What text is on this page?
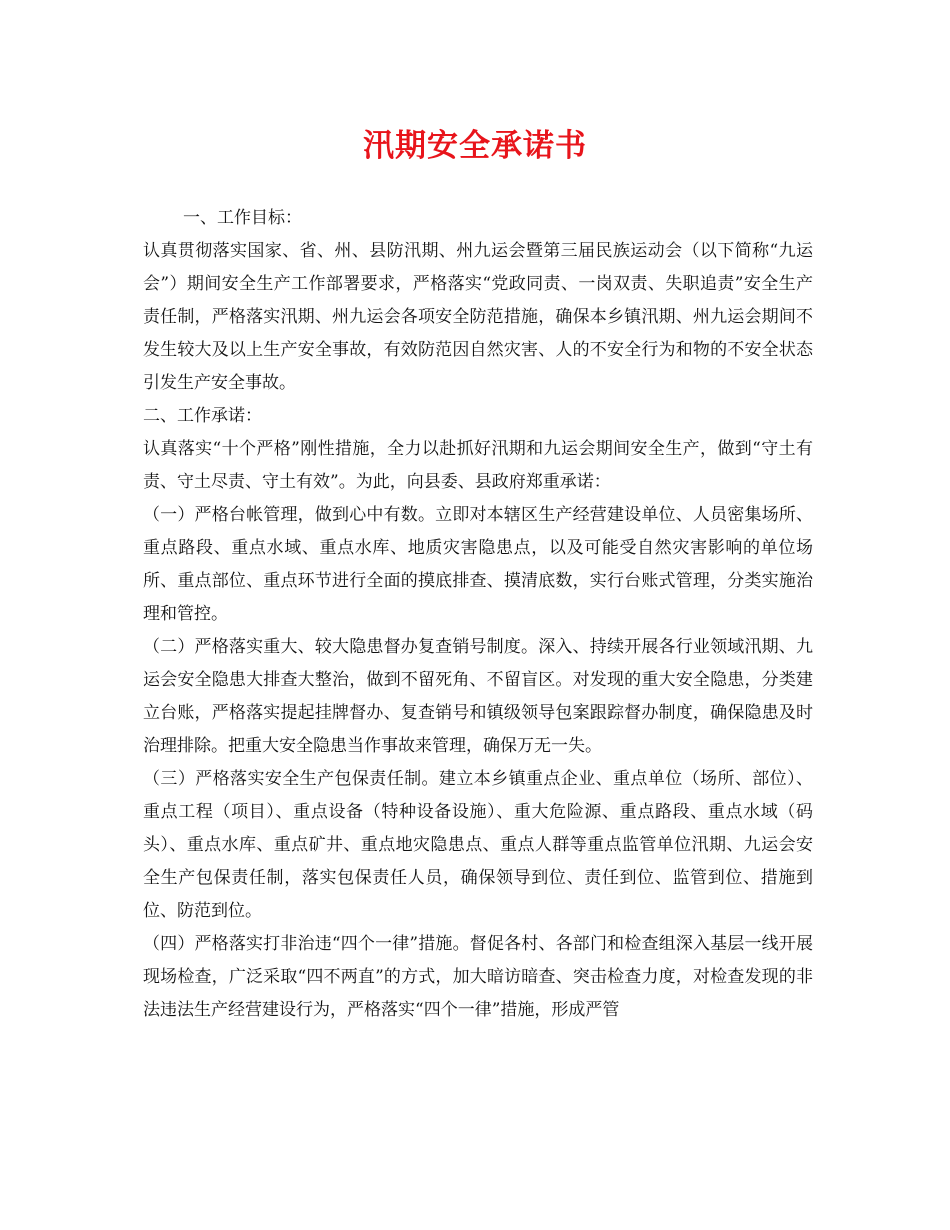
汛期安全承诺书

一、工作目标：

认真贯彻落实国家、省、州、县防汛期、州九运会暨第三届民族运动会（以下简称“九运会”）期间安全生产工作部署要求，严格落实“党政同责、一岗双责、失职追责”安全生产责任制，严格落实汛期、州九运会各项安全防范措施，确保本乡镇汛期、州九运会期间不发生较大及以上生产安全事故，有效防范因自然灾害、人的不安全行为和物的不安全状态引发生产安全事故。

二、工作承诺：

认真落实“十个严格”刚性措施，全力以赴抓好汛期和九运会期间安全生产，做到“守土有责、守土尽责、守土有效”。为此，向县委、县政府郑重承诺：

（一）严格台帐管理，做到心中有数。立即对本辖区生产经营建设单位、人员密集场所、重点路段、重点水域、重点水库、地质灾害隐患点，以及可能受自然灾害影响的单位场所、重点部位、重点环节进行全面的摸底排查、摸清底数，实行台账式管理，分类实施治理和管控。

（二）严格落实重大、较大隐患督办复查销号制度。深入、持续开展各行业领域汛期、九运会安全隐患大排查大整治，做到不留死角、不留盲区。对发现的重大安全隐患，分类建立台账，严格落实提起挂牌督办、复查销号和镇级领导包案跟踪督办制度，确保隐患及时治理排除。把重大安全隐患当作事故来管理，确保万无一失。

（三）严格落实安全生产包保责任制。建立本乡镇重点企业、重点单位（场所、部位）、重点工程（项目）、重点设备（特种设备设施）、重大危险源、重点路段、重点水域（码头）、重点水库、重点矿井、重点地灾隐患点、重点人群等重点监管单位汛期、九运会安全生产包保责任制，落实包保责任人员，确保领导到位、责任到位、监管到位、措施到位、防范到位。

（四）严格落实打非治违“四个一律”措施。督促各村、各部门和检查组深入基层一线开展现场检查，广泛采取“四不两直”的方式，加大暗访暗查、突击检查力度，对检查发现的非法违法生产经营建设行为，严格落实“四个一律”措施，形成严管
